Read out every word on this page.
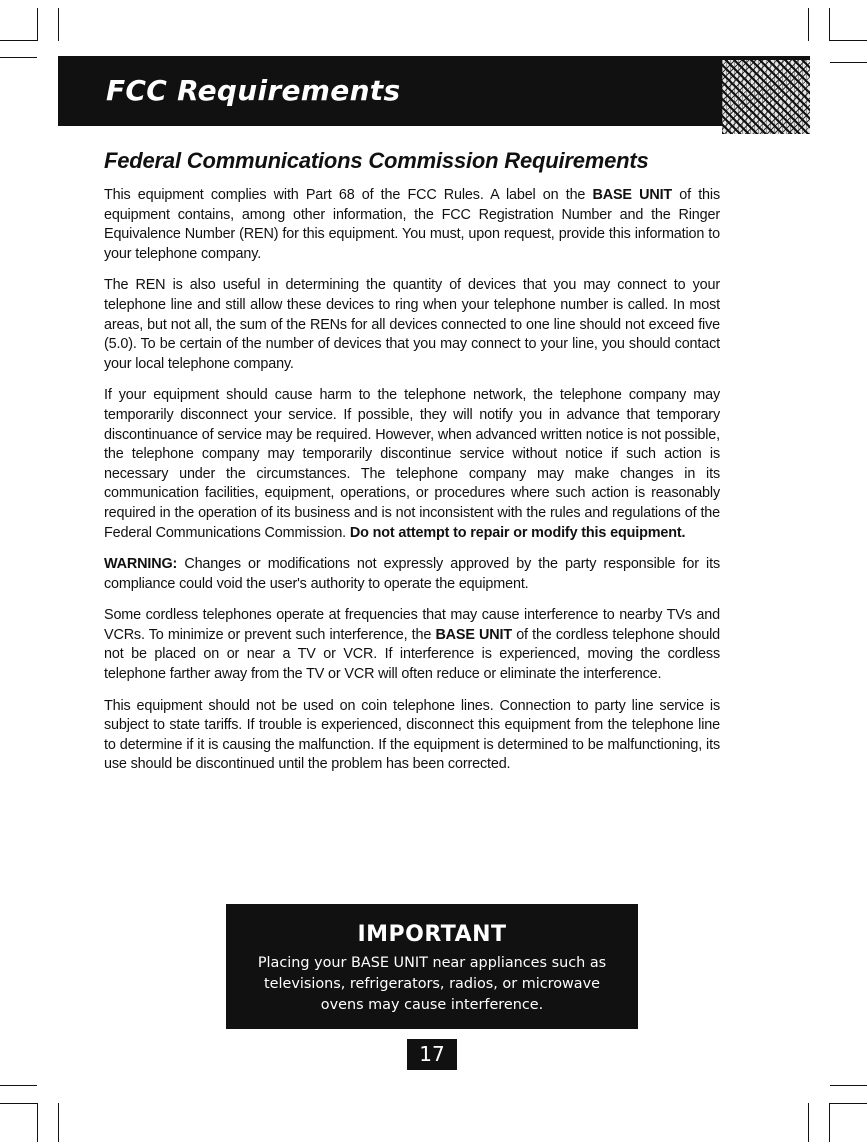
FCC Requirements
Federal Communications Commission Requirements

This equipment complies with Part 68 of the FCC Rules. A label on the BASE UNIT of this equipment contains, among other information, the FCC Registration Number and the Ringer Equivalence Number (REN) for this equipment. You must, upon request, provide this information to your telephone company.

The REN is also useful in determining the quantity of devices that you may connect to your telephone line and still allow these devices to ring when your telephone number is called. In most areas, but not all, the sum of the RENs for all devices connected to one line should not exceed five (5.0). To be certain of the number of devices that you may connect to your line, you should contact your local telephone company.

If your equipment should cause harm to the telephone network, the telephone company may temporarily disconnect your service. If possible, they will notify you in advance that temporary discontinuance of service may be required. However, when advanced written notice is not possible, the telephone company may temporarily discontinue service without notice if such action is necessary under the circumstances. The telephone company may make changes in its communication facilities, equipment, operations, or procedures where such action is reasonably required in the operation of its business and is not inconsistent with the rules and regulations of the Federal Communications Commission. Do not attempt to repair or modify this equipment.

WARNING: Changes or modifications not expressly approved by the party responsible for its compliance could void the user's authority to operate the equipment.

Some cordless telephones operate at frequencies that may cause interference to nearby TVs and VCRs. To minimize or prevent such interference, the BASE UNIT of the cordless telephone should not be placed on or near a TV or VCR. If interference is experienced, moving the cordless telephone farther away from the TV or VCR will often reduce or eliminate the interference.

This equipment should not be used on coin telephone lines. Connection to party line service is subject to state tariffs. If trouble is experienced, disconnect this equipment from the telephone line to determine if it is causing the malfunction. If the equipment is determined to be malfunctioning, its use should be discontinued until the problem has been corrected.

IMPORTANT
Placing your BASE UNIT near appliances such as televisions, refrigerators, radios, or microwave ovens may cause interference.
17
